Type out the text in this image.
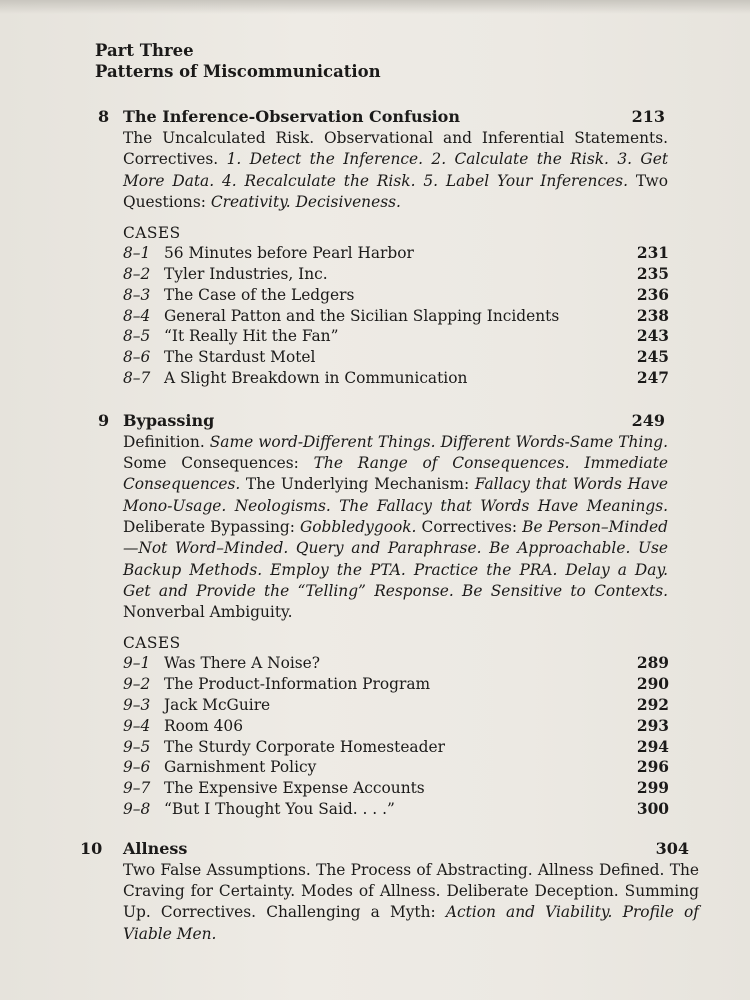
Part Three

Patterns of Miscommunication

8 The Inference-Observation Confusion	213

The Uncalculated Risk. Observational and Inferential Statements. Correctives. 1. Detect the Inference. 2. Calculate the Risk. 3. Get More Data. 4. Recalculate the Risk. 5. Label Your Inferences. Two Questions: Creativity. Decisiveness.

CASES

8–1 56 Minutes before Pearl Harbor	231
8–2 Tyler Industries, Inc.	235
8–3 The Case of the Ledgers	236
8–4 General Patton and the Sicilian Slapping Incidents	238
8–5 “It Really Hit the Fan”	243
8–6 The Stardust Motel	245
8–7 A Slight Breakdown in Communication	247
9 Bypassing	249

Definition. Same word-Different Things. Different Words-Same Thing. Some Consequences: The Range of Consequences. Immediate Consequences. The Underlying Mechanism: Fallacy that Words Have Mono-Usage. Neologisms. The Fallacy that Words Have Meanings. Deliberate Bypassing: Gobbledygook. Correctives: Be Person–Minded—Not Word–Minded. Query and Paraphrase. Be Approachable. Use Backup Methods. Employ the PTA. Practice the PRA. Delay a Day. Get and Provide the “Telling” Response. Be Sensitive to Contexts. Nonverbal Ambiguity.

CASES

9–1 Was There A Noise?	289
9–2 The Product-Information Program	290
9–3 Jack McGuire	292
9–4 Room 406	293
9–5 The Sturdy Corporate Homesteader	294
9–6 Garnishment Policy	296
9–7 The Expensive Expense Accounts	299
9–8 “But I Thought You Said. . . .”	300
10 Allness	304

Two False Assumptions. The Process of Abstracting. Allness Defined. The Craving for Certainty. Modes of Allness. Deliberate Deception. Summing Up. Correctives. Challenging a Myth: Action and Viability. Profile of Viable Men.
